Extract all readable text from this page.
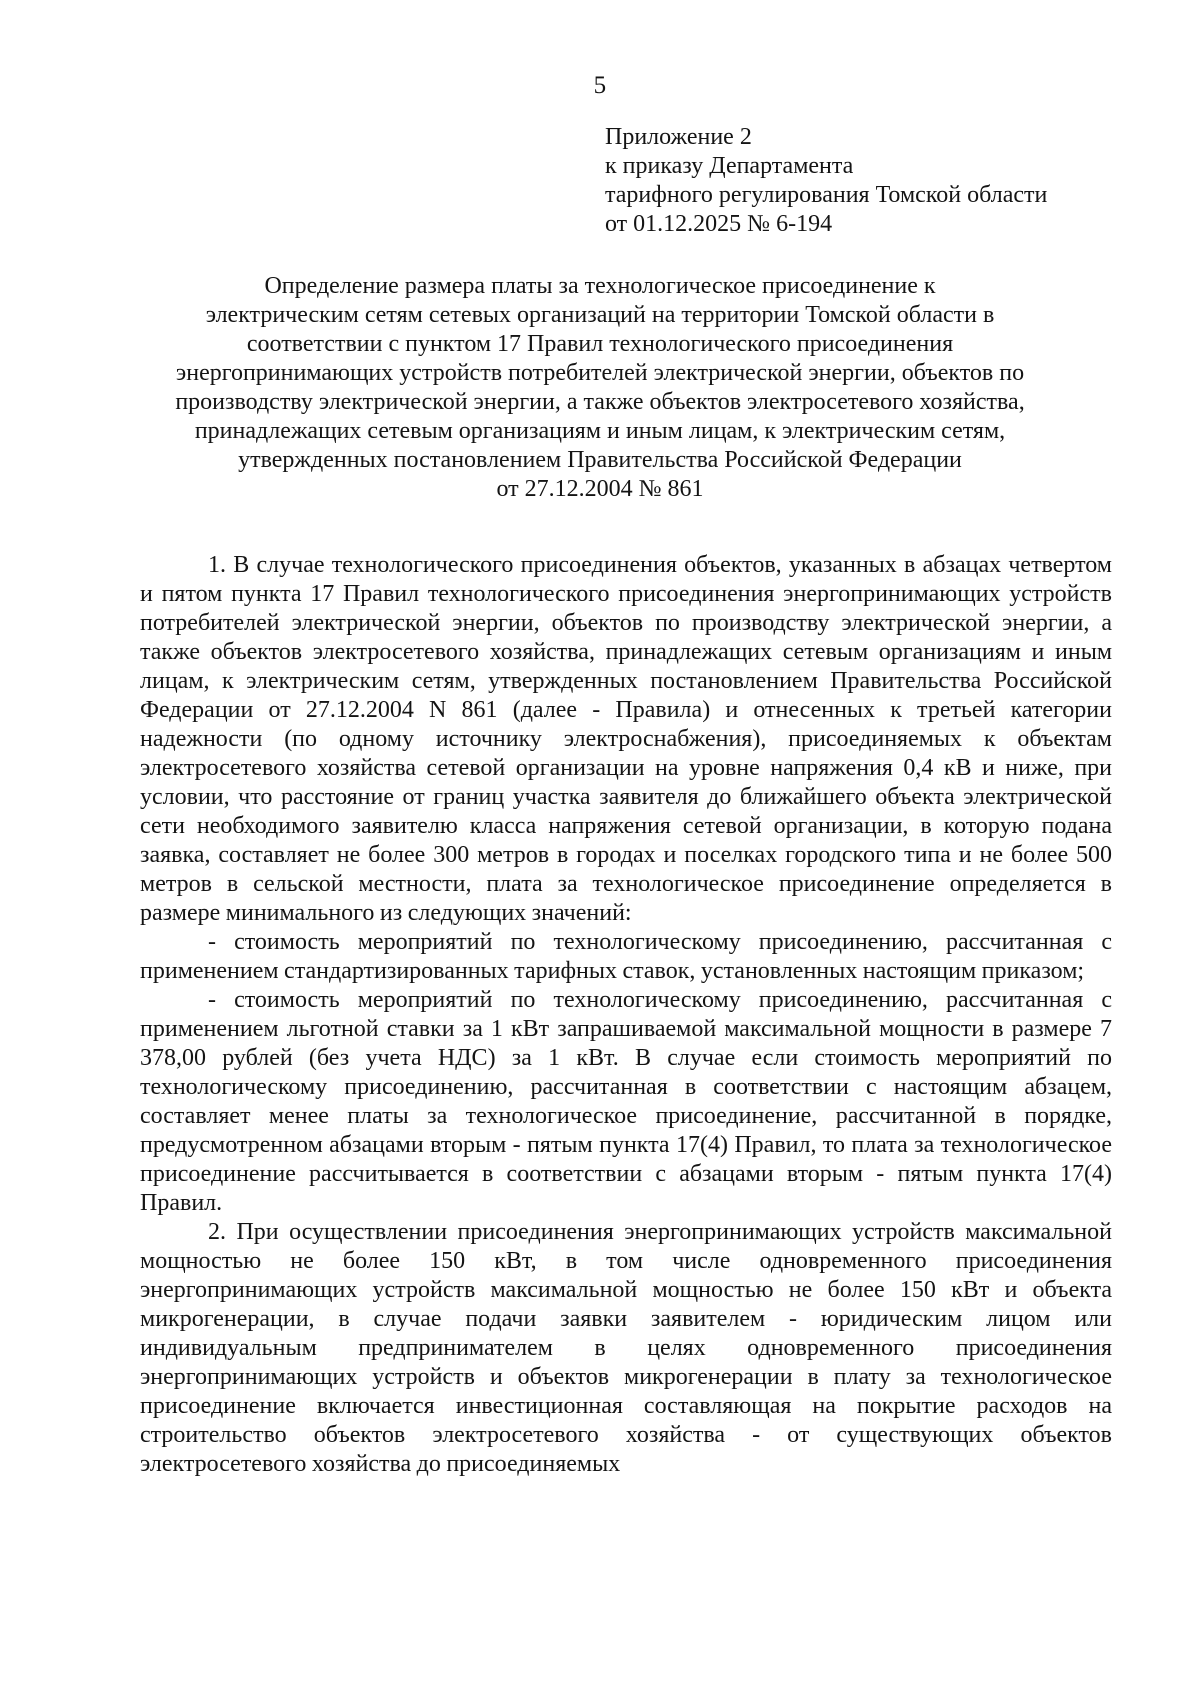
5
Приложение 2
к приказу Департамента
тарифного регулирования Томской области
от 01.12.2025 № 6-194
Определение размера платы за технологическое присоединение к
электрическим сетям сетевых организаций на территории Томской области в
соответствии с пунктом 17 Правил технологического присоединения
энергопринимающих устройств потребителей электрической энергии, объектов по
производству электрической энергии, а также объектов электросетевого хозяйства,
принадлежащих сетевым организациям и иным лицам, к электрическим сетям,
утвержденных постановлением Правительства Российской Федерации
от 27.12.2004 № 861

1. В случае технологического присоединения объектов, указанных в абзацах четвертом и пятом пункта 17 Правил технологического присоединения энергопринимающих устройств потребителей электрической энергии, объектов по производству электрической энергии, а также объектов электросетевого хозяйства, принадлежащих сетевым организациям и иным лицам, к электрическим сетям, утвержденных постановлением Правительства Российской Федерации от 27.12.2004 N 861 (далее - Правила) и отнесенных к третьей категории надежности (по одному источнику электроснабжения), присоединяемых к объектам электросетевого хозяйства сетевой организации на уровне напряжения 0,4 кВ и ниже, при условии, что расстояние от границ участка заявителя до ближайшего объекта электрической сети необходимого заявителю класса напряжения сетевой организации, в которую подана заявка, составляет не более 300 метров в городах и поселках городского типа и не более 500 метров в сельской местности, плата за технологическое присоединение определяется в размере минимального из следующих значений:

- стоимость мероприятий по технологическому присоединению, рассчитанная с применением стандартизированных тарифных ставок, установленных настоящим приказом;

- стоимость мероприятий по технологическому присоединению, рассчитанная с применением льготной ставки за 1 кВт запрашиваемой максимальной мощности в размере 7 378,00 рублей (без учета НДС) за 1 кВт. В случае если стоимость мероприятий по технологическому присоединению, рассчитанная в соответствии с настоящим абзацем, составляет менее платы за технологическое присоединение, рассчитанной в порядке, предусмотренном абзацами вторым - пятым пункта 17(4) Правил, то плата за технологическое присоединение рассчитывается в соответствии с абзацами вторым - пятым пункта 17(4) Правил.

2. При осуществлении присоединения энергопринимающих устройств максимальной мощностью не более 150 кВт, в том числе одновременного присоединения энергопринимающих устройств максимальной мощностью не более 150 кВт и объекта микрогенерации, в случае подачи заявки заявителем - юридическим лицом или индивидуальным предпринимателем в целях одновременного присоединения энергопринимающих устройств и объектов микрогенерации в плату за технологическое присоединение включается инвестиционная составляющая на покрытие расходов на строительство объектов электросетевого хозяйства - от существующих объектов электросетевого хозяйства до присоединяемых
